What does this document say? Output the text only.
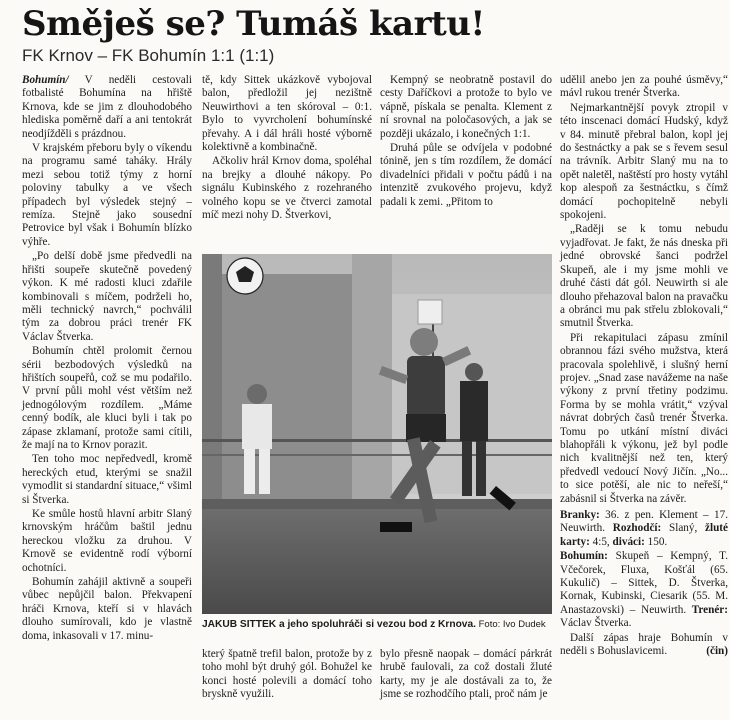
Směješ se? Tumáš kartu!
FK Krnov – FK Bohumín 1:1 (1:1)

Bohumín/ V neděli cestovali fotbalisté Bohumína na hřiště Krnova, kde se jim z dlouhodobého hlediska poměrně daří a ani tentokrát neodjížděli s prázdnou.

V krajském přeboru byly o víkendu na programu samé taháky. Hrály mezi sebou totiž týmy z horní poloviny tabulky a ve všech případech byl výsledek stejný – remíza. Stejně jako sousední Petrovice byl však i Bohumín blízko výhře.

„Po delší době jsme předvedli na hřišti soupeře skutečně povedený výkon. K mé radosti kluci zdařile kombinovali s míčem, podrželi ho, měli technický navrch,“ pochválil tým za dobrou práci trenér FK Václav Štverka.

Bohumín chtěl prolomit černou sérii bezbodových výsledků na hřištích soupeřů, což se mu podařilo. V první půli mohl vést větším než jednogólovým rozdílem. „Máme cenný bodík, ale kluci byli i tak po zápase zklamaní, protože sami cítili, že mají na to Krnov porazit.

Ten toho moc nepředvedl, kromě hereckých etud, kterými se snažil vymodlit si standardní situace,“ všiml si Štverka.

Ke smůle hostů hlavní arbitr Slaný krnovským hráčům baštil jednu hereckou vložku za druhou. V Krnově se evidentně rodí výborní ochotníci.

Bohumín zahájil aktivně a soupeři vůbec nepůjčil balon. Překvapení hráči Krnova, kteří si v hlavách dlouho sumírovali, kdo je vlastně doma, inkasovali v 17. minu-

tě, kdy Sittek ukázkově vybojoval balon, předložil jej nezištně Neuwirthovi a ten skóroval – 0:1. Bylo to vyvrcholení bohumínské převahy. A i dál hráli hosté výborně kolektivně a kombinačně.

Ačkoliv hrál Krnov doma, spoléhal na brejky a dlouhé nákopy. Po signálu Kubinského z rozehraného volného kopu se ve čtverci zamotal míč mezi nohy D. Štverkovi,

Kempný se neobratně postavil do cesty Daříčkovi a protože to bylo ve vápně, pískala se penalta. Klement z ní srovnal na poločasových, a jak se později ukázalo, i konečných 1:1.

Druhá půle se odvíjela v podobné tónině, jen s tím rozdílem, že domácí divadelníci přidali v počtu pádů i na intenzitě zvukového projevu, když padali k zemi. „Přitom to

JAKUB SITTEK a jeho spoluhráči si vezou bod z Krnova. Foto: Ivo Dudek
který špatně trefil balon, protože by z toho mohl být druhý gól. Bohužel ke konci hosté polevili a domácí toho bryskně využili.
bylo přesně naopak – domácí párkrát hrubě faulovali, za což dostali žluté karty, my je ale dostávali za to, že jsme se rozhodčího ptali, proč nám je

udělil anebo jen za pouhé úsměvy,“ mávl rukou trenér Štverka.

Nejmarkantnější povyk ztropil v této inscenaci domácí Hudský, když v 84. minutě přebral balon, kopl jej do šestnáctky a pak se s řevem sesul na trávník. Arbitr Slaný mu na to opět naletěl, naštěstí pro hosty vytáhl kop alespoň za šestnáctku, s čímž domácí pochopitelně nebyli spokojeni.

„Raději se k tomu nebudu vyjadřovat. Je fakt, že nás dneska při jedné obrovské šanci podržel Skupeň, ale i my jsme mohli ve druhé části dát gól. Neuwirth si ale dlouho přehazoval balon na pravačku a obránci mu pak střelu zblokovali,“ smutnil Štverka.

Při rekapitulaci zápasu zmínil obrannou fázi svého mužstva, která pracovala spolehlivě, i slušný herní projev. „Snad zase navážeme na naše výkony z první třetiny podzimu. Forma by se mohla vrátit,“ vzýval návrat dobrých časů trenér Štverka. Tomu po utkání místní diváci blahopřáli k výkonu, jež byl podle nich kvalitnější než ten, který předvedl vedoucí Nový Jičín. „No... to sice potěší, ale nic to neřeší,“ zabásnil si Štverka na závěr.

Branky: 36. z pen. Klement – 17. Neuwirth. Rozhodčí: Slaný, žluté karty: 4:5, diváci: 150.

Bohumín: Skupeň – Kempný, T. Včečorek, Fluxa, Košťál (65. Kukulič) – Sittek, D. Štverka, Kornak, Kubinski, Ciesarik (55. M. Anastazovski) – Neuwirth. Trenér: Václav Štverka.

Další zápas hraje Bohumín v neděli s Bohuslavicemi.	(čin)
